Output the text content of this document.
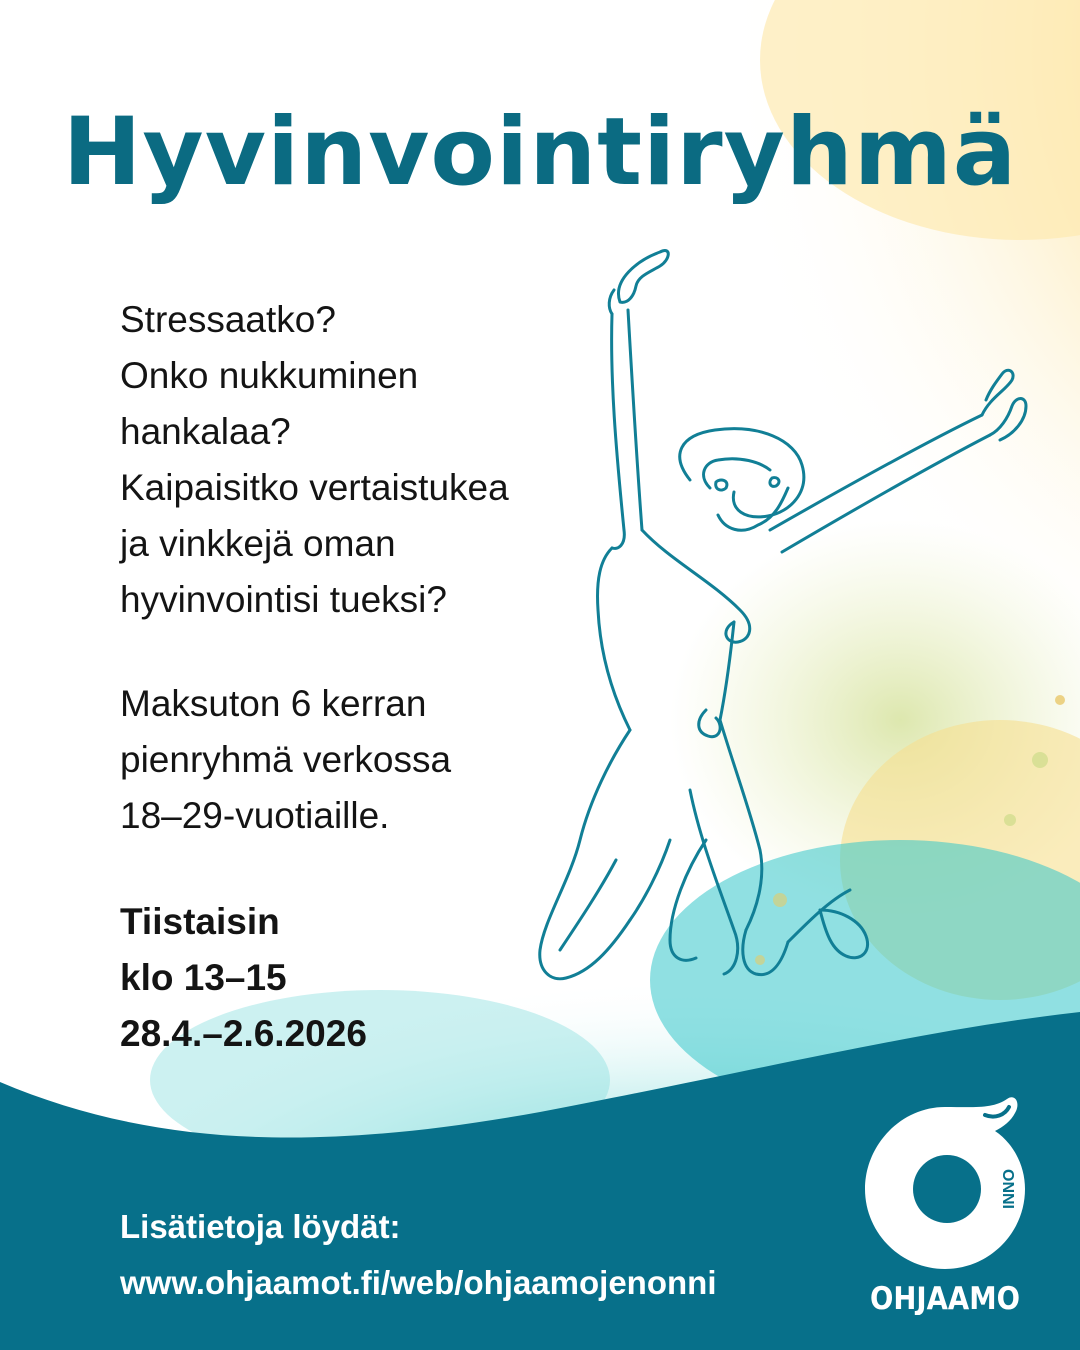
Hyvinvointiryhmä
Stressaatko?
Onko nukkuminen
hankalaa?
Kaipaisitko vertaistukea
ja vinkkejä oman
hyvinvointisi tueksi?
Maksuton 6 kerran
pienryhmä verkossa
18–29-vuotiaille.
Tiistaisin
klo 13–15
28.4.–2.6.2026
Lisätietoja löydät:
www.ohjaamot.fi/web/ohjaamojenonni
ONNI
OHJAAMO
